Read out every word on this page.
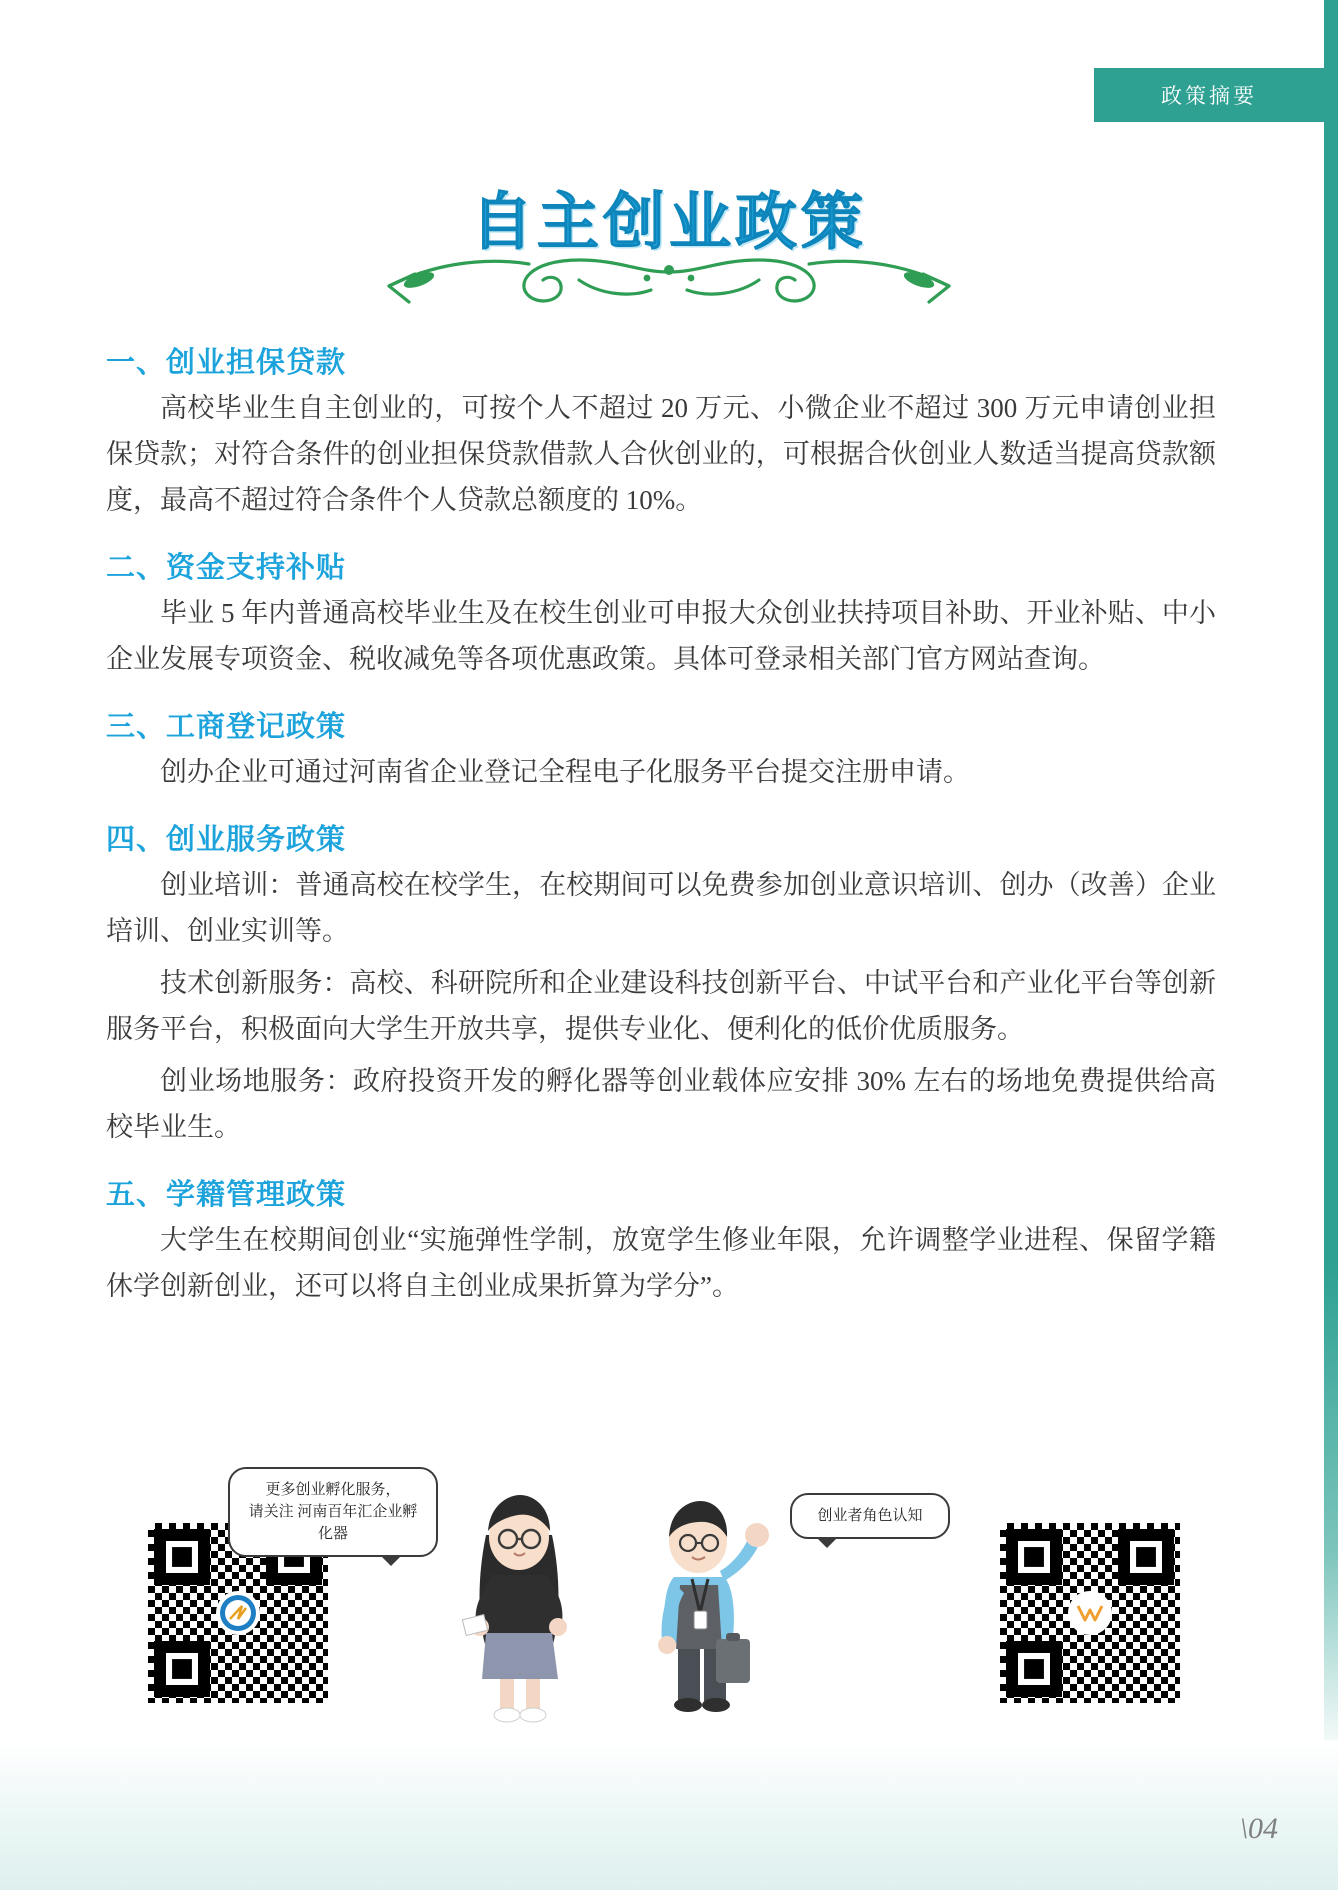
政策摘要
自主创业政策
一、创业担保贷款

高校毕业生自主创业的，可按个人不超过 20 万元、小微企业不超过 300 万元申请创业担保贷款；对符合条件的创业担保贷款借款人合伙创业的，可根据合伙创业人数适当提高贷款额度，最高不超过符合条件个人贷款总额度的 10%。

二、资金支持补贴

毕业 5 年内普通高校毕业生及在校生创业可申报大众创业扶持项目补助、开业补贴、中小企业发展专项资金、税收减免等各项优惠政策。具体可登录相关部门官方网站查询。

三、工商登记政策

创办企业可通过河南省企业登记全程电子化服务平台提交注册申请。

四、创业服务政策

创业培训：普通高校在校学生，在校期间可以免费参加创业意识培训、创办（改善）企业培训、创业实训等。

技术创新服务：高校、科研院所和企业建设科技创新平台、中试平台和产业化平台等创新服务平台，积极面向大学生开放共享，提供专业化、便利化的低价优质服务。

创业场地服务：政府投资开发的孵化器等创业载体应安排 30% 左右的场地免费提供给高校毕业生。

五、学籍管理政策

大学生在校期间创业“实施弹性学制，放宽学生修业年限，允许调整学业进程、保留学籍休学创新创业，还可以将自主创业成果折算为学分”。

更多创业孵化服务，
请关注 河南百年汇企业孵化器
创业者角色认知
\04
